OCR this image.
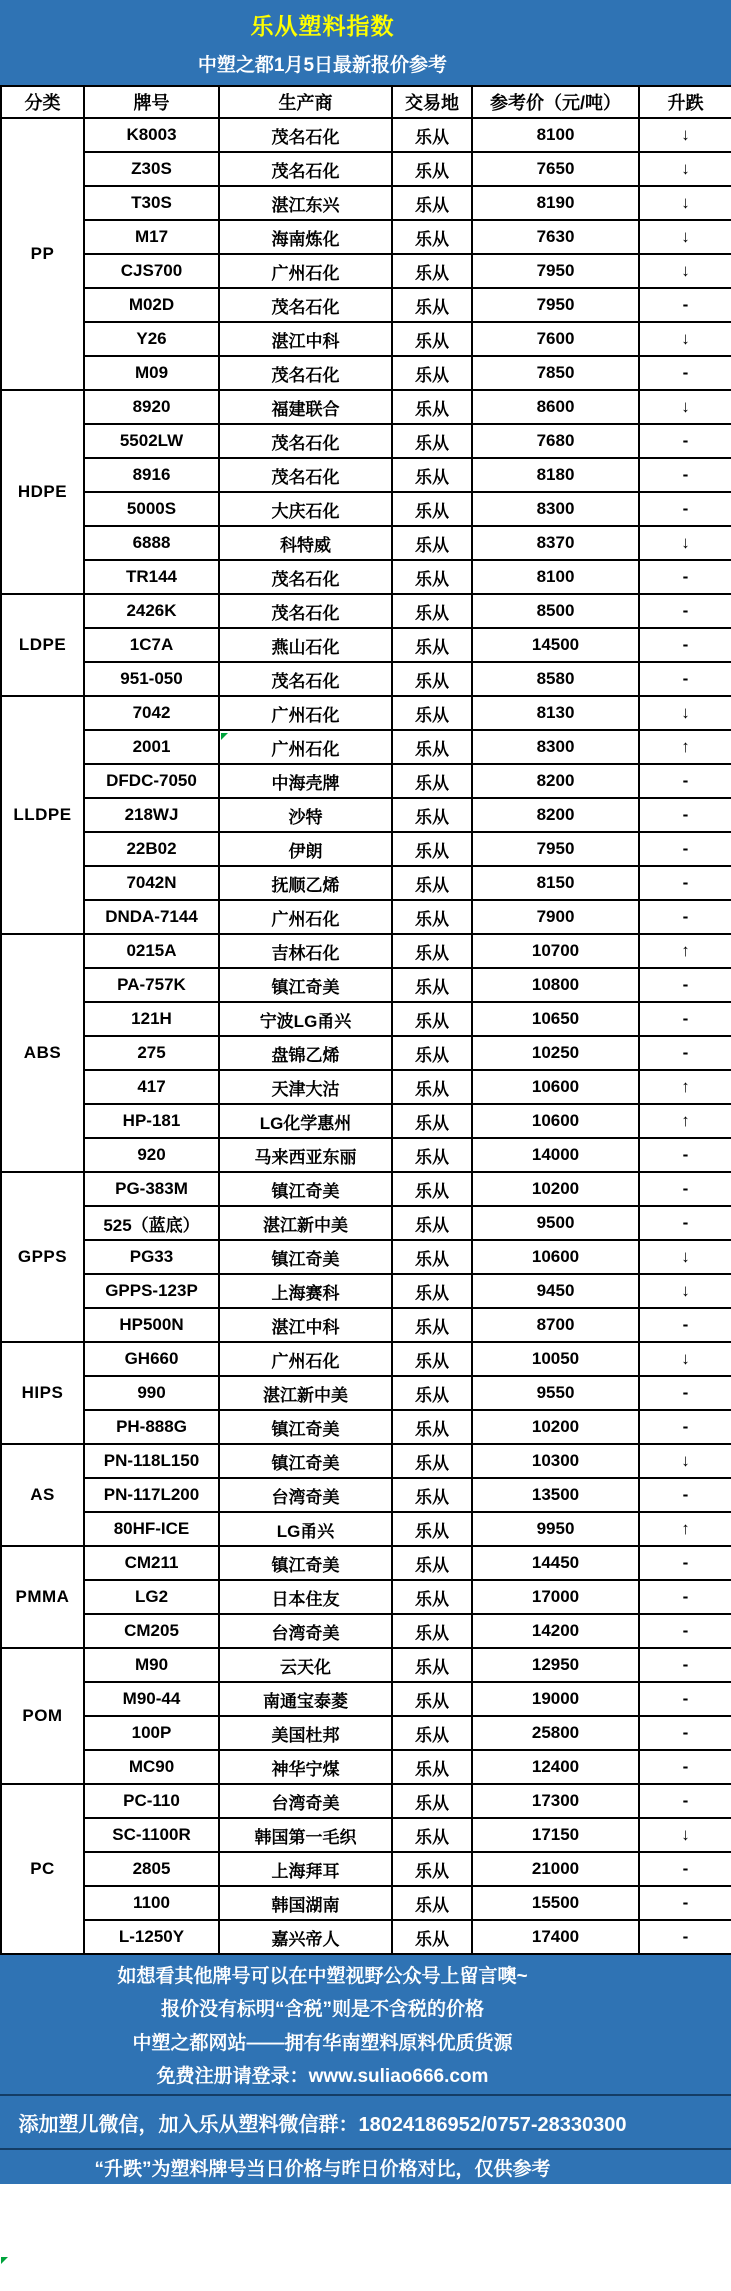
乐从塑料指数
中塑之都1月5日最新报价参考
分类	牌号	生产商	交易地	参考价（元/吨）	升跌
PP	K8003	茂名石化	乐从	8100	↓
	Z30S	茂名石化	乐从	7650	↓
	T30S	湛江东兴	乐从	8190	↓
	M17	海南炼化	乐从	7630	↓
	CJS700	广州石化	乐从	7950	↓
	M02D	茂名石化	乐从	7950	-
	Y26	湛江中科	乐从	7600	↓
	M09	茂名石化	乐从	7850	-
HDPE	8920	福建联合	乐从	8600	↓
	5502LW	茂名石化	乐从	7680	-
	8916	茂名石化	乐从	8180	-
	5000S	大庆石化	乐从	8300	-
	6888	科特威	乐从	8370	↓
	TR144	茂名石化	乐从	8100	-
LDPE	2426K	茂名石化	乐从	8500	-
	1C7A	燕山石化	乐从	14500	-
	951-050	茂名石化	乐从	8580	-
LLDPE	7042	广州石化	乐从	8130	↓
	2001	广州石化	乐从	8300	↑
	DFDC-7050	中海壳牌	乐从	8200	-
	218WJ	沙特	乐从	8200	-
	22B02	伊朗	乐从	7950	-
	7042N	抚顺乙烯	乐从	8150	-
	DNDA-7144	广州石化	乐从	7900	-
ABS	0215A	吉林石化	乐从	10700	↑
	PA-757K	镇江奇美	乐从	10800	-
	121H	宁波LG甬兴	乐从	10650	-
	275	盘锦乙烯	乐从	10250	-
	417	天津大沽	乐从	10600	↑
	HP-181	LG化学惠州	乐从	10600	↑
	920	马来西亚东丽	乐从	14000	-
GPPS	PG-383M	镇江奇美	乐从	10200	-
	525（蓝底）	湛江新中美	乐从	9500	-
	PG33	镇江奇美	乐从	10600	↓
	GPPS-123P	上海赛科	乐从	9450	↓
	HP500N	湛江中科	乐从	8700	-
HIPS	GH660	广州石化	乐从	10050	↓
	990	湛江新中美	乐从	9550	-
	PH-888G	镇江奇美	乐从	10200	-
AS	PN-118L150	镇江奇美	乐从	10300	↓
	PN-117L200	台湾奇美	乐从	13500	-
	80HF-ICE	LG甬兴	乐从	9950	↑
PMMA	CM211	镇江奇美	乐从	14450	-
	LG2	日本住友	乐从	17000	-
	CM205	台湾奇美	乐从	14200	-
POM	M90	云天化	乐从	12950	-
	M90-44	南通宝泰菱	乐从	19000	-
	100P	美国杜邦	乐从	25800	-
	MC90	神华宁煤	乐从	12400	-
PC	PC-110	台湾奇美	乐从	17300	-
	SC-1100R	韩国第一毛织	乐从	17150	↓
	2805	上海拜耳	乐从	21000	-
	1100	韩国湖南	乐从	15500	-
	L-1250Y	嘉兴帝人	乐从	17400	-
如想看其他牌号可以在中塑视野公众号上留言噢~
报价没有标明“含税”则是不含税的价格
中塑之都网站——拥有华南塑料原料优质货源
免费注册请登录：www.suliao666.com
添加塑儿微信，加入乐从塑料微信群：18024186952/0757-28330300
“升跌”为塑料牌号当日价格与昨日价格对比，仅供参考
